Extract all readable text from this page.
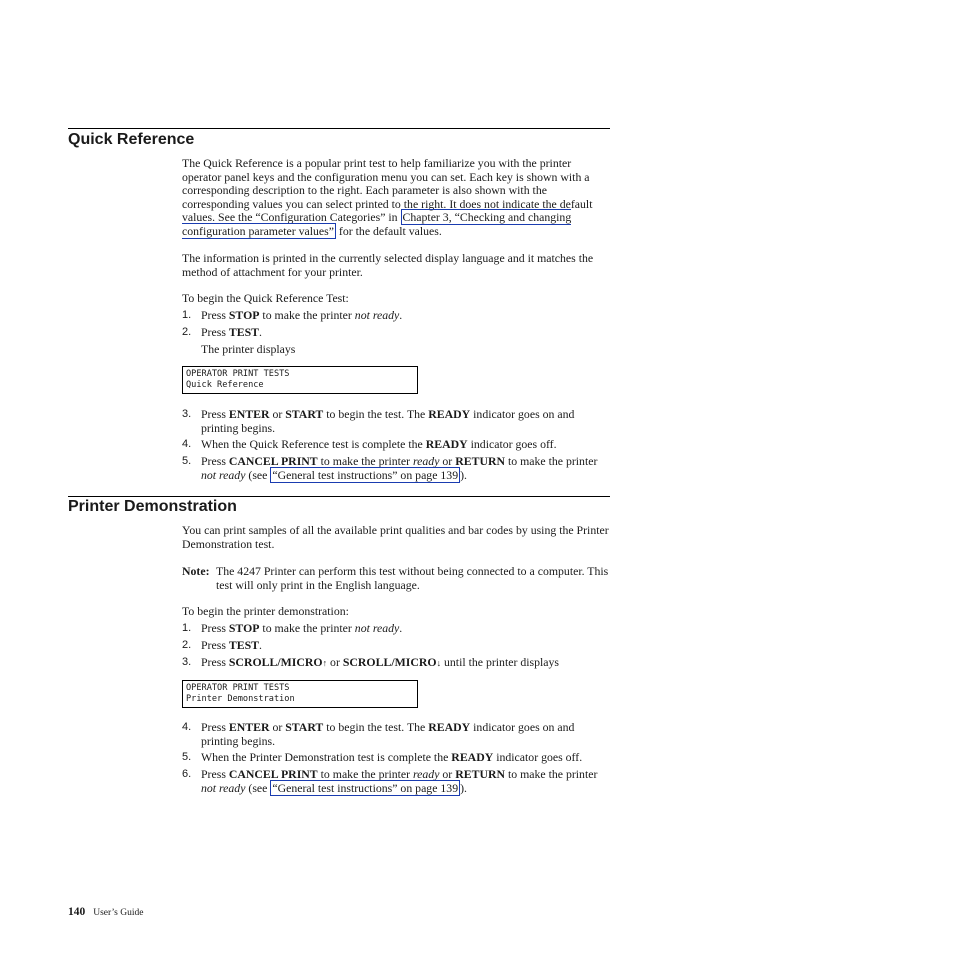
Quick Reference
The Quick Reference is a popular print test to help familiarize you with the printer operator panel keys and the configuration menu you can set. Each key is shown with a corresponding description to the right. Each parameter is also shown with the corresponding values you can select printed to the right. It does not indicate the default values. See the “Configuration Categories” in Chapter 3, “Checking and changing configuration parameter values” for the default values.
The information is printed in the currently selected display language and it matches the method of attachment for your printer.
To begin the Quick Reference Test:
1. Press STOP to make the printer not ready.
2. Press TEST.
The printer displays
OPERATOR PRINT TESTS
Quick Reference
3. Press ENTER or START to begin the test. The READY indicator goes on and printing begins.
4. When the Quick Reference test is complete the READY indicator goes off.
5. Press CANCEL PRINT to make the printer ready or RETURN to make the printer not ready (see “General test instructions” on page 139 ).
Printer Demonstration
You can print samples of all the available print qualities and bar codes by using the Printer Demonstration test.
Note: The 4247 Printer can perform this test without being connected to a computer. This test will only print in the English language.
To begin the printer demonstration:
1. Press STOP to make the printer not ready.
2. Press TEST.
3. Press SCROLL/MICRO↑ or SCROLL/MICRO↓ until the printer displays
OPERATOR PRINT TESTS
Printer Demonstration
4. Press ENTER or START to begin the test. The READY indicator goes on and printing begins.
5. When the Printer Demonstration test is complete the READY indicator goes off.
6. Press CANCEL PRINT to make the printer ready or RETURN to make the printer not ready (see “General test instructions” on page 139 ).
140 User’s Guide
